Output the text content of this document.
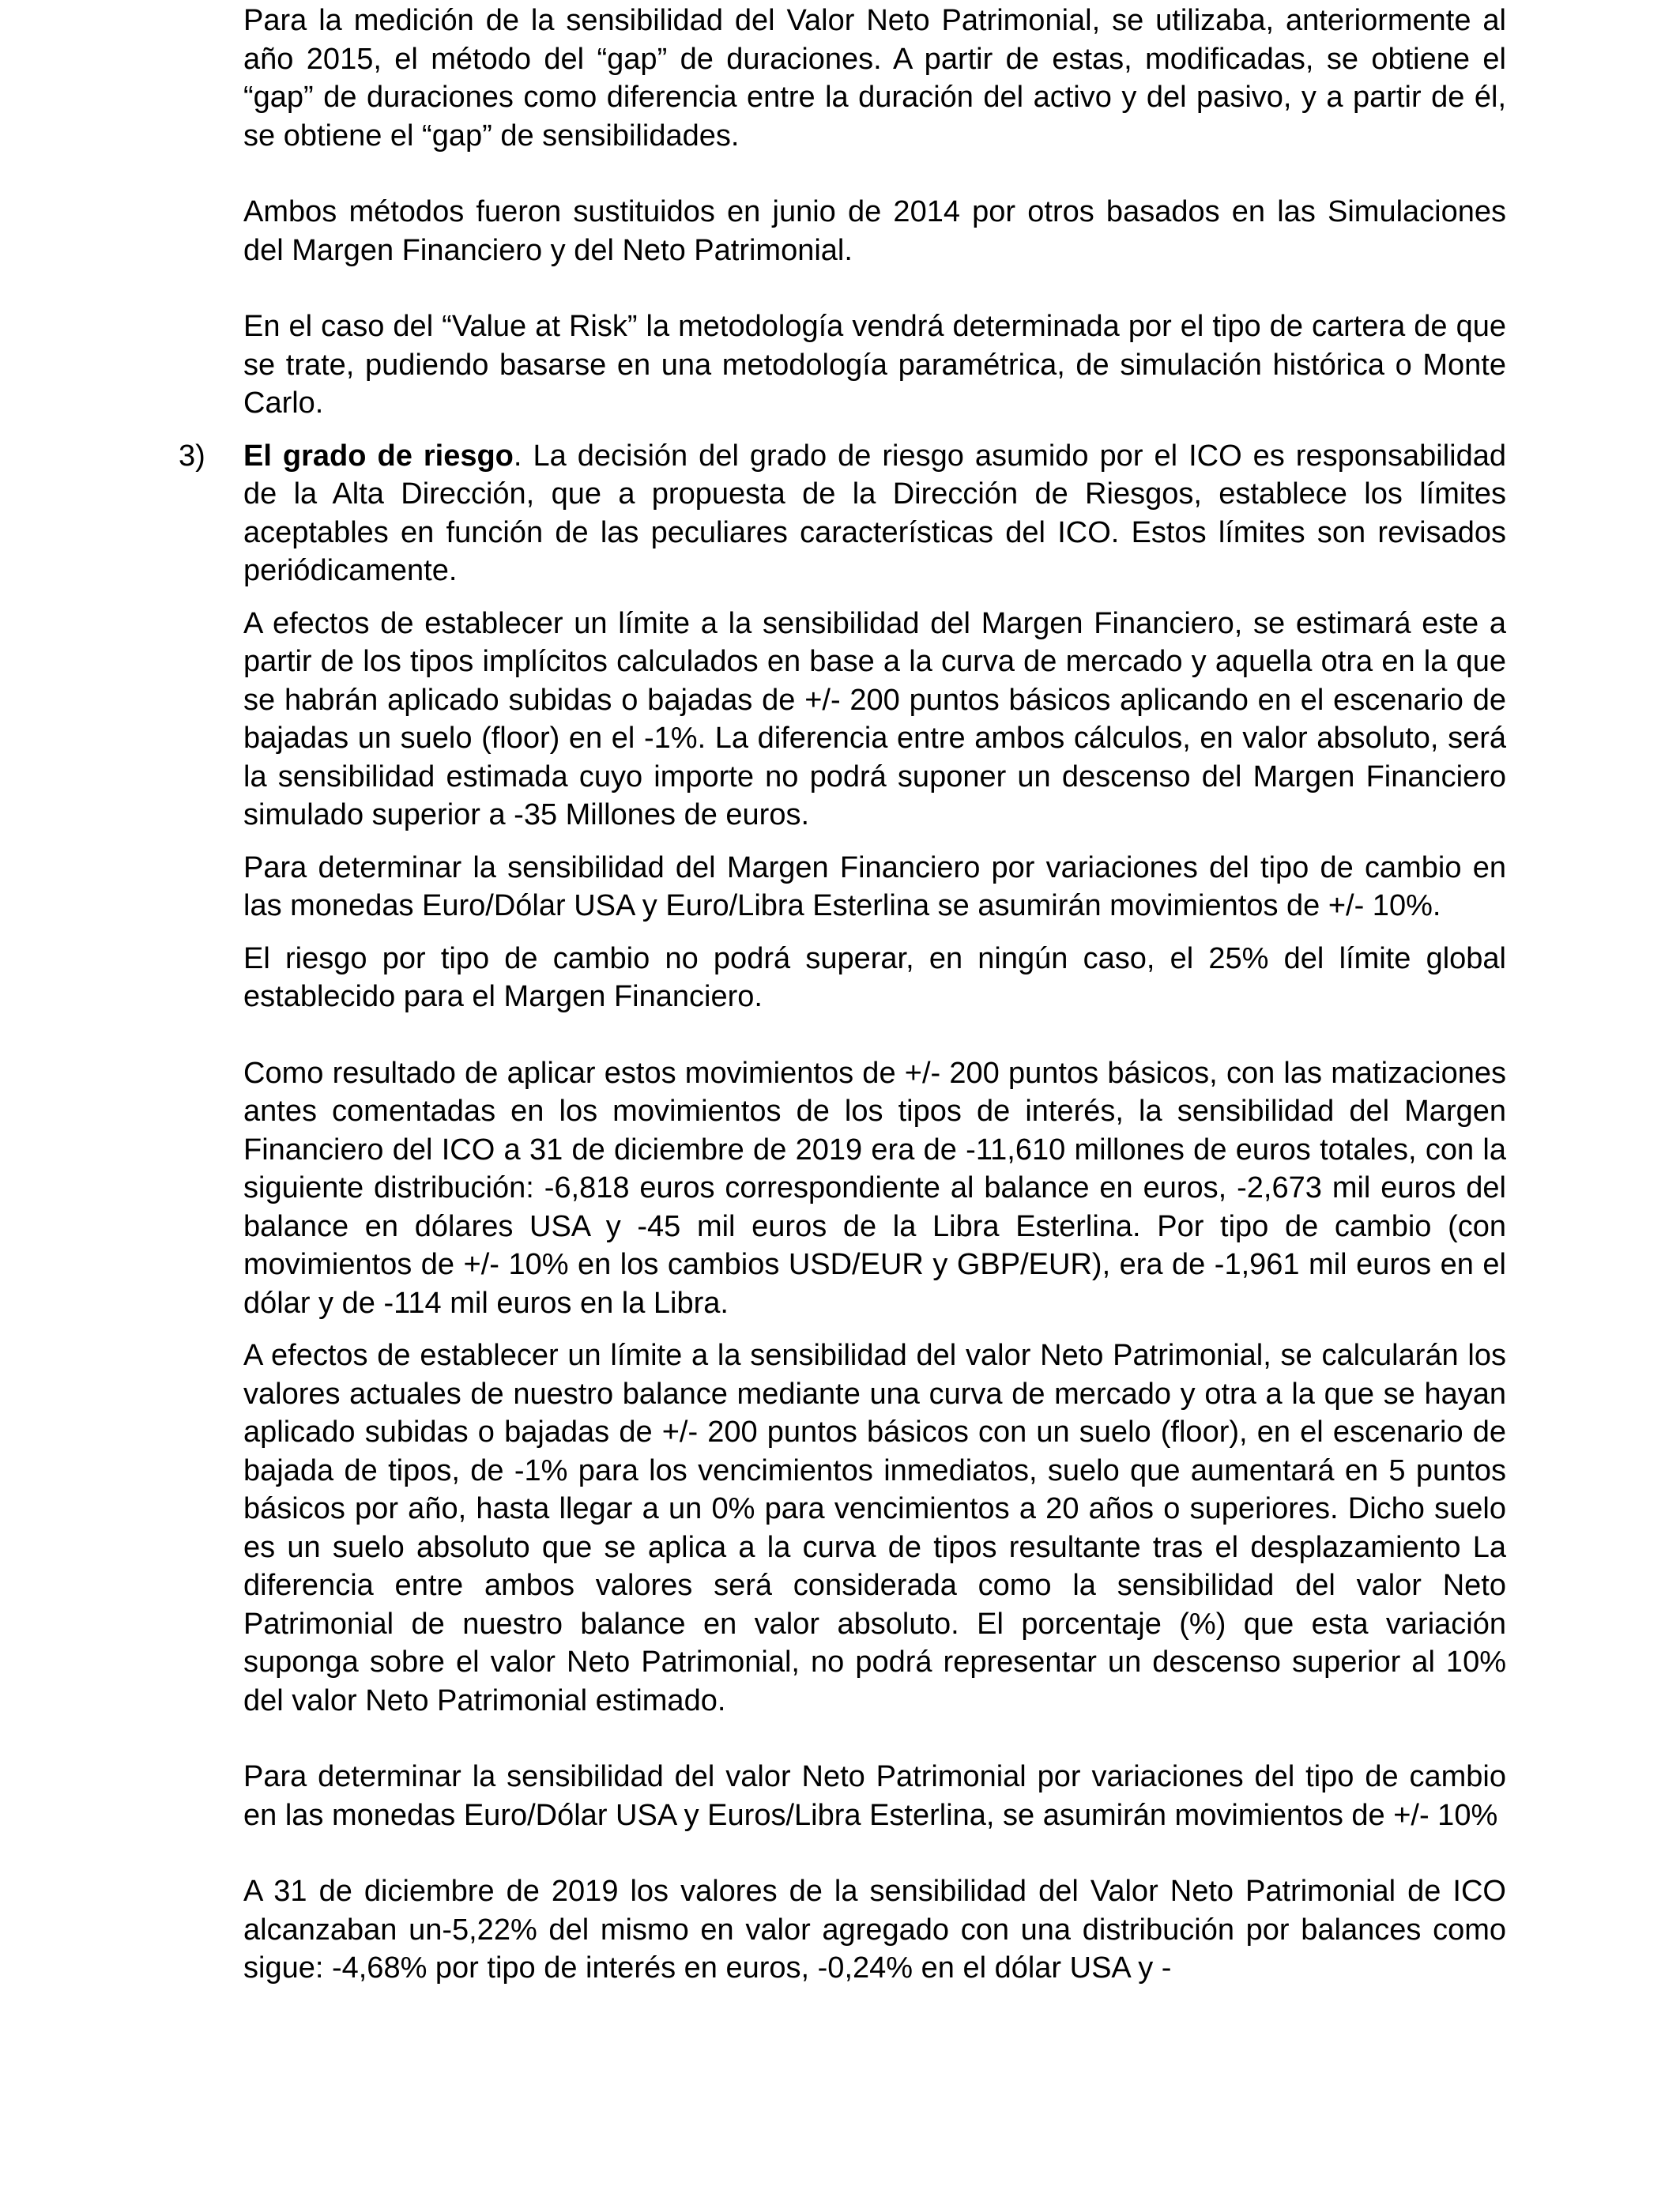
Para la medición de la sensibilidad del Valor Neto Patrimonial, se utilizaba, anteriormente al año 2015, el método del “gap” de duraciones. A partir de estas, modificadas, se obtiene el “gap” de duraciones como diferencia entre la duración del activo y del pasivo, y a partir de él, se obtiene el “gap” de sensibilidades.

Ambos métodos fueron sustituidos en junio de 2014 por otros basados en las Simulaciones del Margen Financiero y del Neto Patrimonial.

En el caso del “Value at Risk” la metodología vendrá determinada por el tipo de cartera de que se trate, pudiendo basarse en una metodología paramétrica, de simulación histórica o Monte Carlo.

3) El grado de riesgo. La decisión del grado de riesgo asumido por el ICO es responsabilidad de la Alta Dirección, que a propuesta de la Dirección de Riesgos, establece los límites aceptables en función de las peculiares características del ICO. Estos límites son revisados periódicamente.

A efectos de establecer un límite a la sensibilidad del Margen Financiero, se estimará este a partir de los tipos implícitos calculados en base a la curva de mercado y aquella otra en la que se habrán aplicado subidas o bajadas de +/- 200 puntos básicos aplicando en el escenario de bajadas un suelo (floor) en el -1%. La diferencia entre ambos cálculos, en valor absoluto, será la sensibilidad estimada cuyo importe no podrá suponer un descenso del Margen Financiero simulado superior a -35 Millones de euros.

Para determinar la sensibilidad del Margen Financiero por variaciones del tipo de cambio en las monedas Euro/Dólar USA y Euro/Libra Esterlina se asumirán movimientos de +/- 10%.

El riesgo por tipo de cambio no podrá superar, en ningún caso, el 25% del límite global establecido para el Margen Financiero.

Como resultado de aplicar estos movimientos de +/- 200 puntos básicos, con las matizaciones antes comentadas en los movimientos de los tipos de interés, la sensibilidad del Margen Financiero del ICO a 31 de diciembre de 2019 era de -11,610 millones de euros totales, con la siguiente distribución: -6,818 euros correspondiente al balance en euros, -2,673 mil euros del balance en dólares USA y -45 mil euros de la Libra Esterlina. Por tipo de cambio (con movimientos de +/- 10% en los cambios USD/EUR y GBP/EUR), era de -1,961 mil euros en el dólar y de -114 mil euros en la Libra.

A efectos de establecer un límite a la sensibilidad del valor Neto Patrimonial, se calcularán los valores actuales de nuestro balance mediante una curva de mercado y otra a la que se hayan aplicado subidas o bajadas de +/- 200 puntos básicos con un suelo (floor), en el escenario de bajada de tipos, de -1% para los vencimientos inmediatos, suelo que aumentará en 5 puntos básicos por año, hasta llegar a un 0% para vencimientos a 20 años o superiores. Dicho suelo es un suelo absoluto que se aplica a la curva de tipos resultante tras el desplazamiento La diferencia entre ambos valores será considerada como la sensibilidad del valor Neto Patrimonial de nuestro balance en valor absoluto. El porcentaje (%) que esta variación suponga sobre el valor Neto Patrimonial, no podrá representar un descenso superior al 10% del valor Neto Patrimonial estimado.

Para determinar la sensibilidad del valor Neto Patrimonial por variaciones del tipo de cambio en las monedas Euro/Dólar USA y Euros/Libra Esterlina, se asumirán movimientos de +/- 10%

A 31 de diciembre de 2019 los valores de la sensibilidad del Valor Neto Patrimonial de ICO alcanzaban un-5,22% del mismo en valor agregado con una distribución por balances como sigue: -4,68% por tipo de interés en euros, -0,24% en el dólar USA y -
